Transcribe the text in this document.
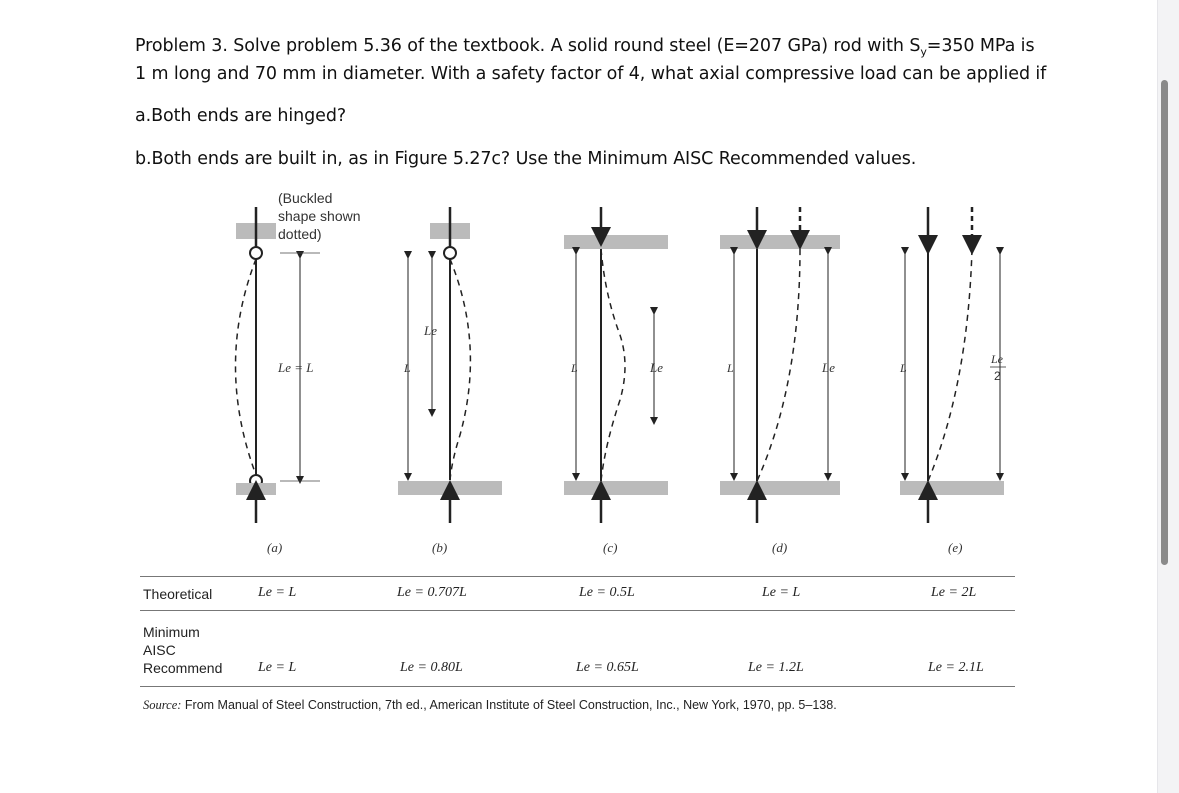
Problem 3. Solve problem 5.36 of the textbook. A solid round steel (E=207 GPa) rod with $S_y=350$ MPa is
1 m long and 70 mm in diameter. With a safety factor of 4, what axial compressive load can be applied if
a.Both ends are hinged?
b.Both ends are built in, as in Figure 5.27c? Use the Minimum AISC Recommended values.
(Buckled
shape shown
dotted)
Le = L
(a)
Le
L
(b)
L	Le
(c)
L	Le
(d)
L
Le
2
(e)
Theoretical	Le = L	Le = 0.707L	Le = 0.5L	Le = L	Le = 2L
Minimum
AISC
Recommend	Le = L	Le = 0.80L	Le = 0.65L	Le = 1.2L	Le = 2.1L
Source: From Manual of Steel Construction, 7th ed., American Institute of Steel Construction, Inc., New York, 1970, pp. 5–138.
